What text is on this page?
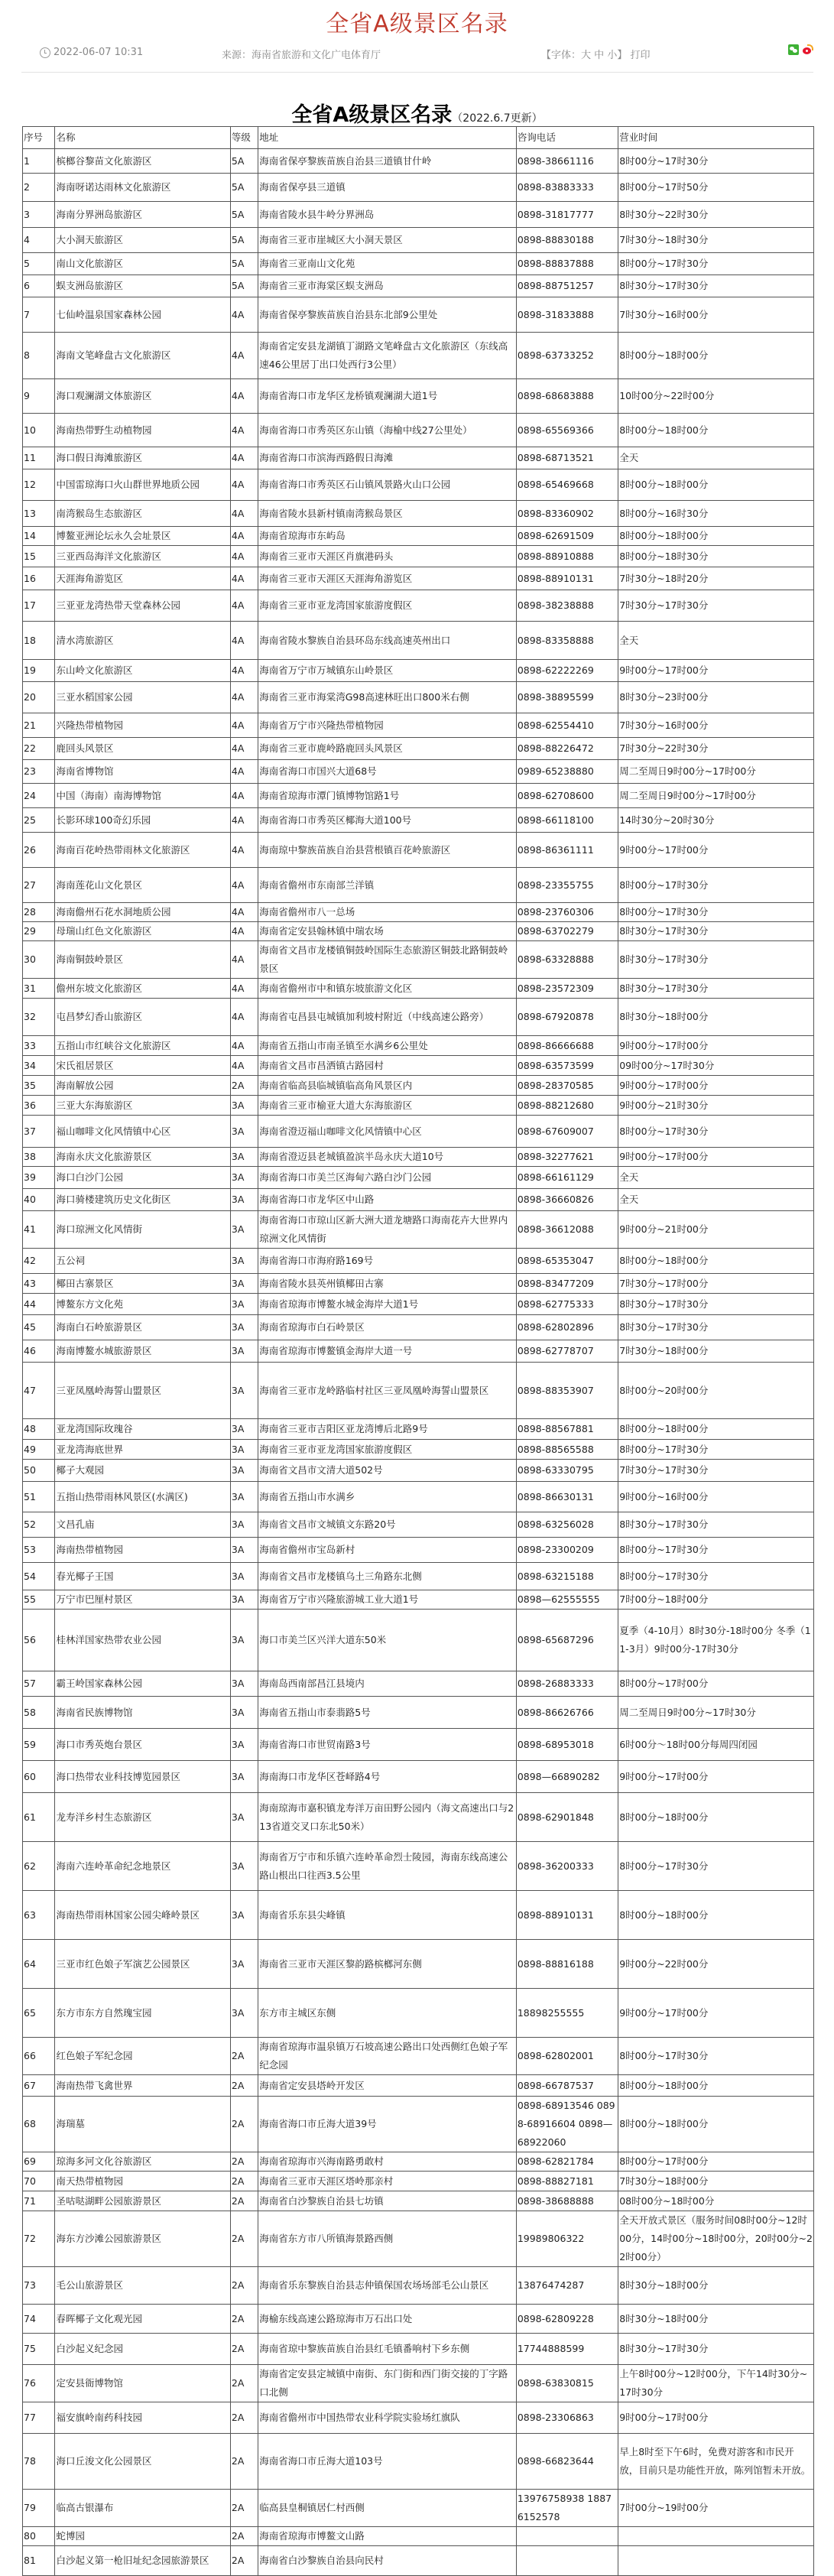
全省A级景区名录
2022-06-07 10:31	来源：海南省旅游和文化广电体育厅	【字体：大 中 小】 打印
全省A级景区名录（2022.6.7更新）
序号	名称	等级	地址	咨询电话	营业时间
1	槟榔谷黎苗文化旅游区	5A	海南省保亭黎族苗族自治县三道镇甘什岭	0898-38661116	8时00分~17时30分
2	海南呀诺达雨林文化旅游区	5A	海南省保亭县三道镇	0898-83883333	8时00分~17时50分
3	海南分界洲岛旅游区	5A	海南省陵水县牛岭分界洲岛	0898-31817777	8时30分~22时30分
4	大小洞天旅游区	5A	海南省三亚市崖城区大小洞天景区	0898-88830188	7时30分~18时30分
5	南山文化旅游区	5A	海南省三亚南山文化苑	0898-88837888	8时00分~17时30分
6	蜈支洲岛旅游区	5A	海南省三亚市海棠区蜈支洲岛	0898-88751257	8时30分~17时30分
7	七仙岭温泉国家森林公园	4A	海南省保亭黎族苗族自治县东北部9公里处	0898-31833888	7时30分~16时00分
8	海南文笔峰盘古文化旅游区	4A	海南省定安县龙湖镇丁湖路文笔峰盘古文化旅游区（东线高速46公里居丁出口处西行3公里）	0898-63733252	8时00分~18时00分
9	海口观澜湖文体旅游区	4A	海南省海口市龙华区龙桥镇观澜湖大道1号	0898-68683888	10时00分~22时00分
10	海南热带野生动植物园	4A	海南省海口市秀英区东山镇（海榆中线27公里处）	0898-65569366	8时00分~18时00分
11	海口假日海滩旅游区	4A	海南省海口市滨海西路假日海滩	0898-68713521	全天
12	中国雷琼海口火山群世界地质公园	4A	海南省海口市秀英区石山镇风景路火山口公园	0898-65469668	8时00分~18时00分
13	南湾猴岛生态旅游区	4A	海南省陵水县新村镇南湾猴岛景区	0898-83360902	8时00分~16时30分
14	博鳌亚洲论坛永久会址景区	4A	海南省琼海市东屿岛	0898-62691509	8时00分~18时00分
15	三亚西岛海洋文化旅游区	4A	海南省三亚市天涯区肖旗港码头	0898-88910888	8时00分~18时30分
16	天涯海角游览区	4A	海南省三亚市天涯区天涯海角游览区	0898-88910131	7时30分~18时20分
17	三亚亚龙湾热带天堂森林公园	4A	海南省三亚市亚龙湾国家旅游度假区	0898-38238888	7时30分~17时30分
18	清水湾旅游区	4A	海南省陵水黎族自治县环岛东线高速英州出口	0898-83358888	全天
19	东山岭文化旅游区	4A	海南省万宁市万城镇东山岭景区	0898-62222269	9时00分~17时00分
20	三亚水稻国家公园	4A	海南省三亚市海棠湾G98高速林旺出口800米右侧	0898-38895599	8时30分~23时00分
21	兴隆热带植物园	4A	海南省万宁市兴隆热带植物园	0898-62554410	7时30分~16时00分
22	鹿回头风景区	4A	海南省三亚市鹿岭路鹿回头风景区	0898-88226472	7时30分~22时30分
23	海南省博物馆	4A	海南省海口市国兴大道68号	0989-65238880	周二至周日9时00分~17时00分
24	中国（海南）南海博物馆	4A	海南省琼海市潭门镇博物馆路1号	0898-62708600	周二至周日9时00分~17时00分
25	长影环球100奇幻乐园	4A	海南省海口市秀英区椰海大道100号	0898-66118100	14时30分~20时30分
26	海南百花岭热带雨林文化旅游区	4A	海南琼中黎族苗族自治县营根镇百花岭旅游区	0898-86361111	9时00分~17时00分
27	海南莲花山文化景区	4A	海南省儋州市东南部兰洋镇	0898-23355755	8时00分~17时30分
28	海南儋州石花水洞地质公园	4A	海南省儋州市八一总场	0898-23760306	8时00分~17时30分
29	母瑞山红色文化旅游区	4A	海南省定安县翰林镇中瑞农场	0898-63702279	8时30分~17时30分
30	海南铜鼓岭景区	4A	海南省文昌市龙楼镇铜鼓岭国际生态旅游区铜鼓北路铜鼓岭景区	0898-63328888	8时30分~17时30分
31	儋州东坡文化旅游区	4A	海南省儋州市中和镇东坡旅游文化区	0898-23572309	8时30分~17时30分
32	屯昌梦幻香山旅游区	4A	海南省屯昌县屯城镇加利坡村附近（中线高速公路旁）	0898-67920878	8时30分~18时00分
33	五指山市红峡谷文化旅游区	4A	海南省五指山市南圣镇至水满乡6公里处	0898-86666688	9时00分~17时00分
34	宋氏祖居景区	4A	海南省文昌市昌洒镇古路园村	0898-63573599	09时00分~17时30分
35	海南解放公园	2A	海南省临高县临城镇临高角风景区内	0898-28370585	9时00分~17时00分
36	三亚大东海旅游区	3A	海南省三亚市榆亚大道大东海旅游区	0898-88212680	9时00分~21时30分
37	福山咖啡文化风情镇中心区	3A	海南省澄迈福山咖啡文化风情镇中心区	0898-67609007	8时00分~17时30分
38	海南永庆文化旅游景区	3A	海南省澄迈县老城镇盈滨半岛永庆大道10号	0898-32277621	9时00分~17时00分
39	海口白沙门公园	3A	海南省海口市美兰区海甸六路白沙门公园	0898-66161129	全天
40	海口骑楼建筑历史文化街区	3A	海南省海口市龙华区中山路	0898-36660826	全天
41	海口琼洲文化风情街	3A	海南省海口市琼山区新大洲大道龙塘路口海南花卉大世界内琼洲文化风情街	0898-36612088	9时00分~21时00分
42	五公祠	3A	海南省海口市海府路169号	0898-65353047	8时00分~18时00分
43	椰田古寨景区	3A	海南省陵水县英州镇椰田古寨	0898-83477209	7时30分~17时00分
44	博鳌东方文化苑	3A	海南省琼海市博鳌水城金海岸大道1号	0898-62775333	8时30分~17时30分
45	海南白石岭旅游景区	3A	海南省琼海市白石岭景区	0898-62802896	8时30分~17时30分
46	海南博鳌水城旅游景区	3A	海南省琼海市博鳌镇金海岸大道一号	0898-62778707	7时30分~18时00分
47	三亚凤凰岭海誓山盟景区	3A	海南省三亚市龙岭路临村社区三亚凤凰岭海誓山盟景区	0898-88353907	8时00分~20时00分
48	亚龙湾国际玫瑰谷	3A	海南省三亚市吉阳区亚龙湾博后北路9号	0898-88567881	8时00分~18时00分
49	亚龙湾海底世界	3A	海南省三亚市亚龙湾国家旅游度假区	0898-88565588	8时00分~17时30分
50	椰子大观园	3A	海南省文昌市文清大道502号	0898-63330795	7时30分~17时30分
51	五指山热带雨林风景区(水满区)	3A	海南省五指山市水满乡	0898-86630131	9时00分~16时00分
52	文昌孔庙	3A	海南省文昌市文城镇文东路20号	0898-63256028	8时30分~17时30分
53	海南热带植物园	3A	海南省儋州市宝岛新村	0898-23300209	8时00分~17时30分
54	春光椰子王国	3A	海南省文昌市龙楼镇乌土三角路东北侧	0898-63215188	8时00分~17时30分
55	万宁市巴厘村景区	3A	海南省万宁市兴隆旅游城工业大道1号	0898—62555555	7时00分~18时00分
56	桂林洋国家热带农业公园	3A	海口市美兰区兴洋大道东50米	0898-65687296	夏季（4-10月）8时30分-18时00分 冬季（11-3月）9时00分-17时30分
57	霸王岭国家森林公园	3A	海南岛西南部昌江县境内	0898-26883333	8时00分~17时00分
58	海南省民族博物馆	3A	海南省五指山市泰翡路5号	0898-86626766	周二至周日9时00分~17时30分
59	海口市秀英炮台景区	3A	海南省海口市世贸南路3号	0898-68953018	6时00分～18时00分每周四闭园
60	海口热带农业科技博览园景区	3A	海南海口市龙华区苍峄路4号	0898—66890282	9时00分~17时00分
61	龙寿洋乡村生态旅游区	3A	海南琼海市嘉积镇龙寿洋万亩田野公园内（海文高速出口与213省道交叉口东北50米）	0898-62901848	8时00分~18时00分
62	海南六连岭革命纪念地景区	3A	海南省万宁市和乐镇六连岭革命烈士陵园，海南东线高速公路山根出口往西3.5公里	0898-36200333	8时00分~17时30分
63	海南热带雨林国家公园尖峰岭景区	3A	海南省乐东县尖峰镇	0898-88910131	8时00分~18时00分
64	三亚市红色娘子军演艺公园景区	3A	海南省三亚市天涯区黎韵路槟榔河东侧	0898-88816188	9时00分~22时00分
65	东方市东方自然瑰宝园	3A	东方市主城区东侧	18898255555	9时00分~17时00分
66	红色娘子军纪念园	2A	海南省琼海市温泉镇万石坡高速公路出口处西侧红色娘子军纪念园	0898-62802001	8时00分~17时30分
67	海南热带飞禽世界	2A	海南省定安县塔岭开发区	0898-66787537	8时00分~18时00分
68	海瑞墓	2A	海南省海口市丘海大道39号	0898-68913546 0898-68916604 0898—68922060	8时00分~18时00分
69	琼海多河文化谷旅游区	2A	海南省琼海市兴海南路勇敢村	0898-62821784	8时00分~17时00分
70	南天热带植物园	2A	海南省三亚市天涯区塔岭那亲村	0898-88827181	7时30分~18时00分
71	圣咕哒湖畔公园旅游景区	2A	海南省白沙黎族自治县七坊镇	0898-38688888	08时00分~18时00分
72	海东方沙滩公园旅游景区	2A	海南省东方市八所镇海景路西侧	19989806322	全天开放式景区（服务时间08时00分~12时00分，14时00分~18时00分，20时00分~22时00分）
73	毛公山旅游景区	2A	海南省乐东黎族自治县志仲镇保国农场场部毛公山景区	13876474287	8时30分~18时00分
74	春晖椰子文化观光园	2A	海榆东线高速公路琼海市万石出口处	0898-62809228	8时30分~18时00分
75	白沙起义纪念园	2A	海南省琼中黎族苗族自治县红毛镇番响村下乡东侧	17744888599	8时30分~17时30分
76	定安县衙博物馆	2A	海南省定安县定城镇中南街、东门街和西门街交接的丁字路口北侧	0898-63830815	上午8时00分~12时00分，下午14时30分~17时30分
77	福安旗岭南药科技园	2A	海南省儋州市中国热带农业科学院实验场红旗队	0898-23306863	9时00分~17时00分
78	海口丘浚文化公园景区	2A	海南省海口市丘海大道103号	0898-66823644	早上8时至下午6时，免费对游客和市民开放，目前只是功能性开放，陈列馆暂未开放。
79	临高古银瀑布	2A	临高县皇桐镇居仁村西侧	13976758938 18876152578	7时00分~19时00分
80	蛇博园	2A	海南省琼海市博鳌文山路		
81	白沙起义第一枪旧址纪念园旅游景区	2A	海南省白沙黎族自治县向民村		
